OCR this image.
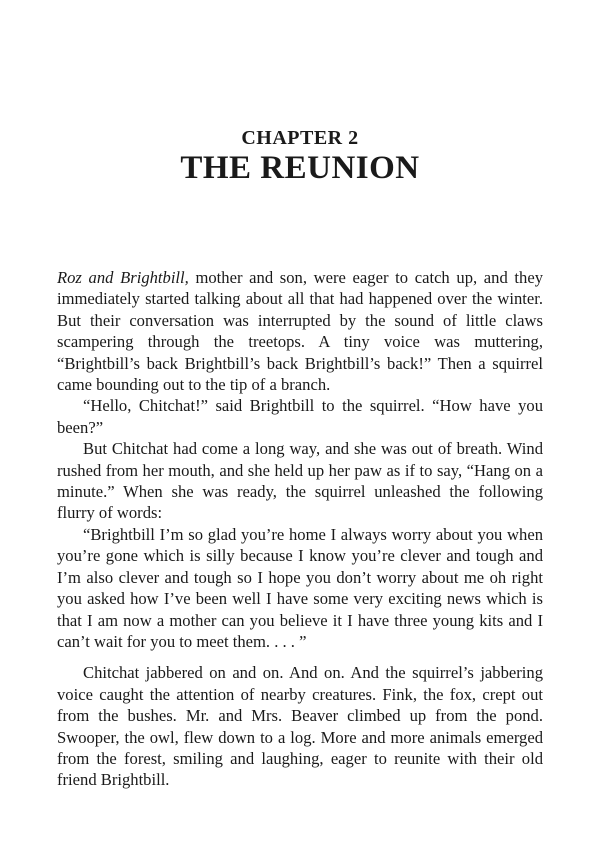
CHAPTER 2
THE REUNION

Roz and Brightbill, mother and son, were eager to catch up, and they immediately started talking about all that had happened over the winter. But their conversation was interrupted by the sound of little claws scampering through the treetops. A tiny voice was muttering, “Brightbill’s back Brightbill’s back Brightbill’s back!” Then a squirrel came bounding out to the tip of a branch.

“Hello, Chitchat!” said Brightbill to the squirrel. “How have you been?”

But Chitchat had come a long way, and she was out of breath. Wind rushed from her mouth, and she held up her paw as if to say, “Hang on a minute.” When she was ready, the squirrel unleashed the following flurry of words:

“Brightbill I’m so glad you’re home I always worry about you when you’re gone which is silly because I know you’re clever and tough and I’m also clever and tough so I hope you don’t worry about me oh right you asked how I’ve been well I have some very exciting news which is that I am now a mother can you believe it I have three young kits and I can’t wait for you to meet them. . . . ”

Chitchat jabbered on and on. And on. And the squirrel’s jabbering voice caught the attention of nearby creatures. Fink, the fox, crept out from the bushes. Mr. and Mrs. Beaver climbed up from the pond. Swooper, the owl, flew down to a log. More and more animals emerged from the forest, smiling and laughing, eager to reunite with their old friend Brightbill.
